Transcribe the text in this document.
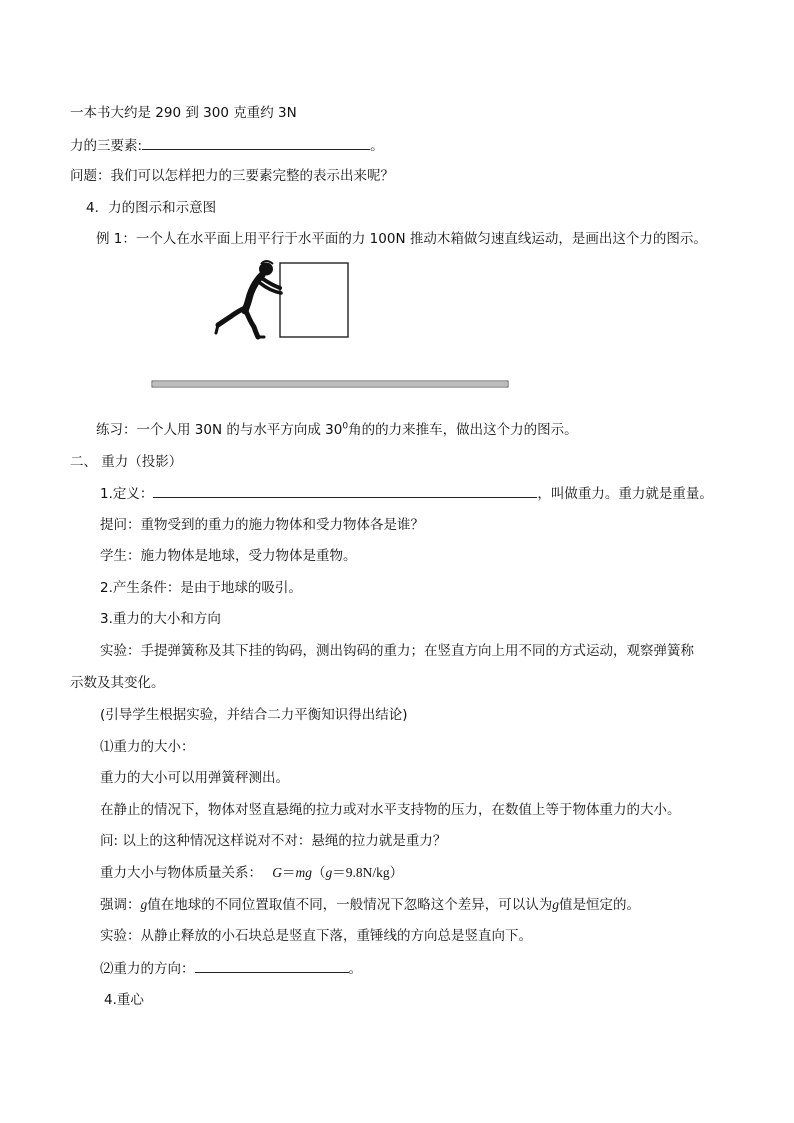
一本书大约是 290 到 300 克重约 3N
力的三要素:	。
问题：我们可以怎样把力的三要素完整的表示出来呢？
4．力的图示和示意图
例 1：一个人在水平面上用平行于水平面的力 100N 推动木箱做匀速直线运动，是画出这个力的图示。
练习：一个人用 30N 的与水平方向成 $30^0$角的的力来推车，做出这个力的图示。
二、 重力（投影）
1.定义：	，叫做重力。重力就是重量。
提问：重物受到的重力的施力物体和受力物体各是谁？
学生：施力物体是地球，受力物体是重物。
2.产生条件：是由于地球的吸引。
3.重力的大小和方向
实验：手提弹簧称及其下挂的钩码，测出钩码的重力；在竖直方向上用不同的方式运动，观察弹簧称
示数及其变化。
(引导学生根据实验，并结合二力平衡知识得出结论)
⑴重力的大小：
重力的大小可以用弹簧秤测出。
在静止的情况下，物体对竖直悬绳的拉力或对水平支持物的压力，在数值上等于物体重力的大小。
问: 以上的这种情况这样说对不对：悬绳的拉力就是重力？
重力大小与物体质量关系： G＝mg（g＝9.8N/kg）
强调：g值在地球的不同位置取值不同，一般情况下忽略这个差异，可以认为g值是恒定的。
实验：从静止释放的小石块总是竖直下落，重锤线的方向总是竖直向下。
⑵重力的方向：	。
4.重心
